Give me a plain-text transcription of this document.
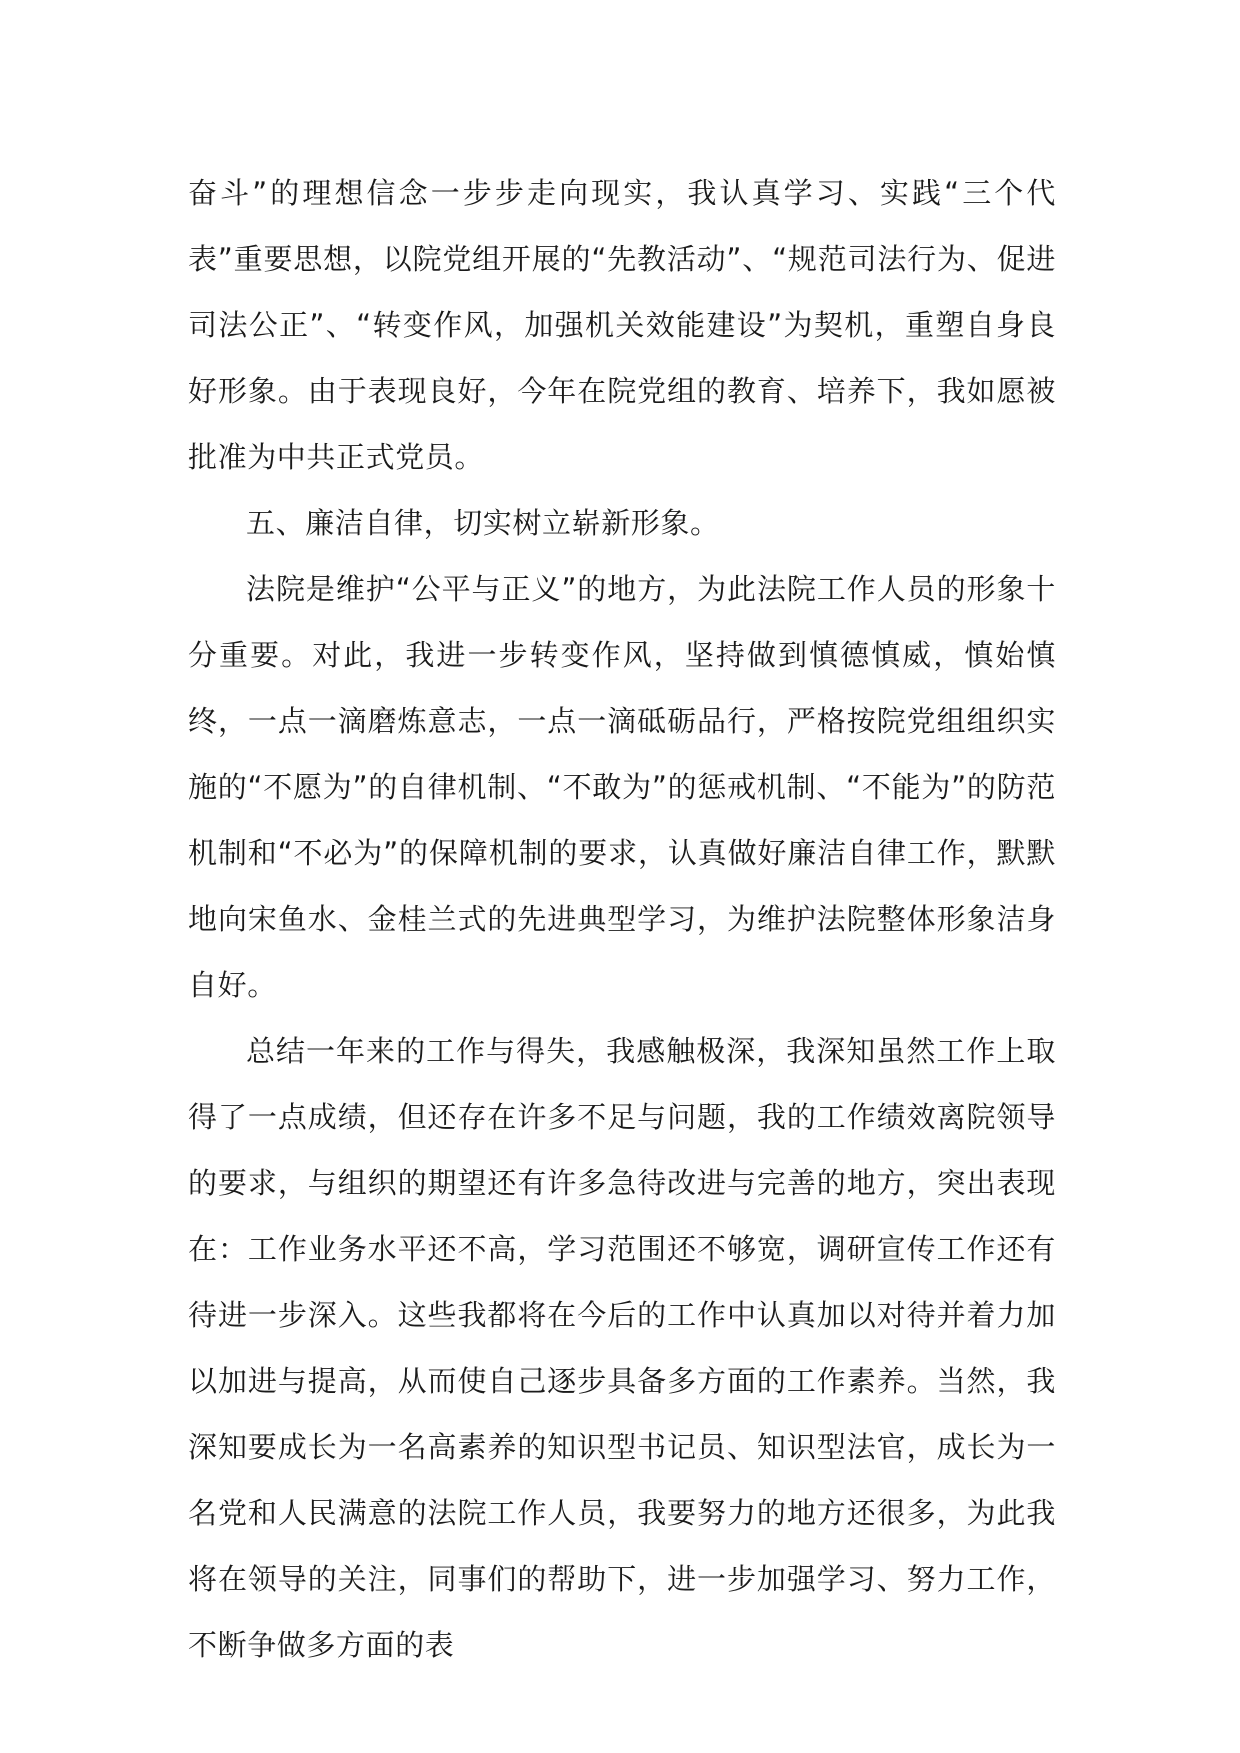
奋斗”的理想信念一步步走向现实，我认真学习、实践“三个代表”重要思想，以院党组开展的“先教活动”、“规范司法行为、促进司法公正”、“转变作风，加强机关效能建设”为契机，重塑自身良好形象。由于表现良好，今年在院党组的教育、培养下，我如愿被批准为中共正式党员。

五、廉洁自律，切实树立崭新形象。

法院是维护“公平与正义”的地方，为此法院工作人员的形象十分重要。对此，我进一步转变作风，坚持做到慎德慎威，慎始慎终，一点一滴磨炼意志，一点一滴砥砺品行，严格按院党组组织实施的“不愿为”的自律机制、“不敢为”的惩戒机制、“不能为”的防范机制和“不必为”的保障机制的要求，认真做好廉洁自律工作，默默地向宋鱼水、金桂兰式的先进典型学习，为维护法院整体形象洁身自好。

总结一年来的工作与得失，我感触极深，我深知虽然工作上取得了一点成绩，但还存在许多不足与问题，我的工作绩效离院领导的要求，与组织的期望还有许多急待改进与完善的地方，突出表现在：工作业务水平还不高，学习范围还不够宽，调研宣传工作还有待进一步深入。这些我都将在今后的工作中认真加以对待并着力加以加进与提高，从而使自己逐步具备多方面的工作素养。当然，我深知要成长为一名高素养的知识型书记员、知识型法官，成长为一名党和人民满意的法院工作人员，我要努力的地方还很多，为此我将在领导的关注，同事们的帮助下，进一步加强学习、努力工作，不断争做多方面的表
